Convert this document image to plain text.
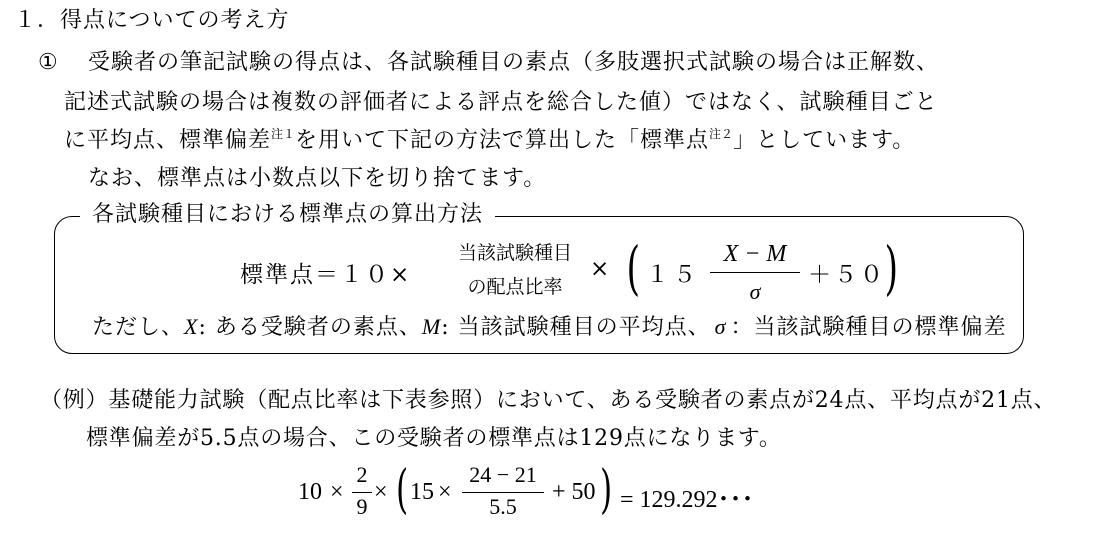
１．得点についての考え方
① 受験者の筆記試験の得点は、各試験種目の素点（多肢選択式試験の場合は正解数、
記述式試験の場合は複数の評価者による評点を総合した値）ではなく、試験種目ごと
に平均点、標準偏差$^{注1}$を用いて下記の方法で算出した「標準点$^{注2}$」としています。
なお、標準点は小数点以下を切り捨てます。
各試験種目における標準点の算出方法
標準点＝１０×
当該試験種目
の配点比率
× ( １５
X − M
σ
＋５０
)
ただし、X: ある受験者の素点、M: 当該試験種目の平均点、 σ ：当該試験種目の標準偏差
（例）基礎能力試験（配点比率は下表参照）において、ある受験者の素点が24点、平均点が21点、
標準偏差が5.5点の場合、この受験者の標準点は129点になります。
10 ×
2
9
× ( 15 ×
24 − 21
5.5
+ 50 ) = 129.292･･･
